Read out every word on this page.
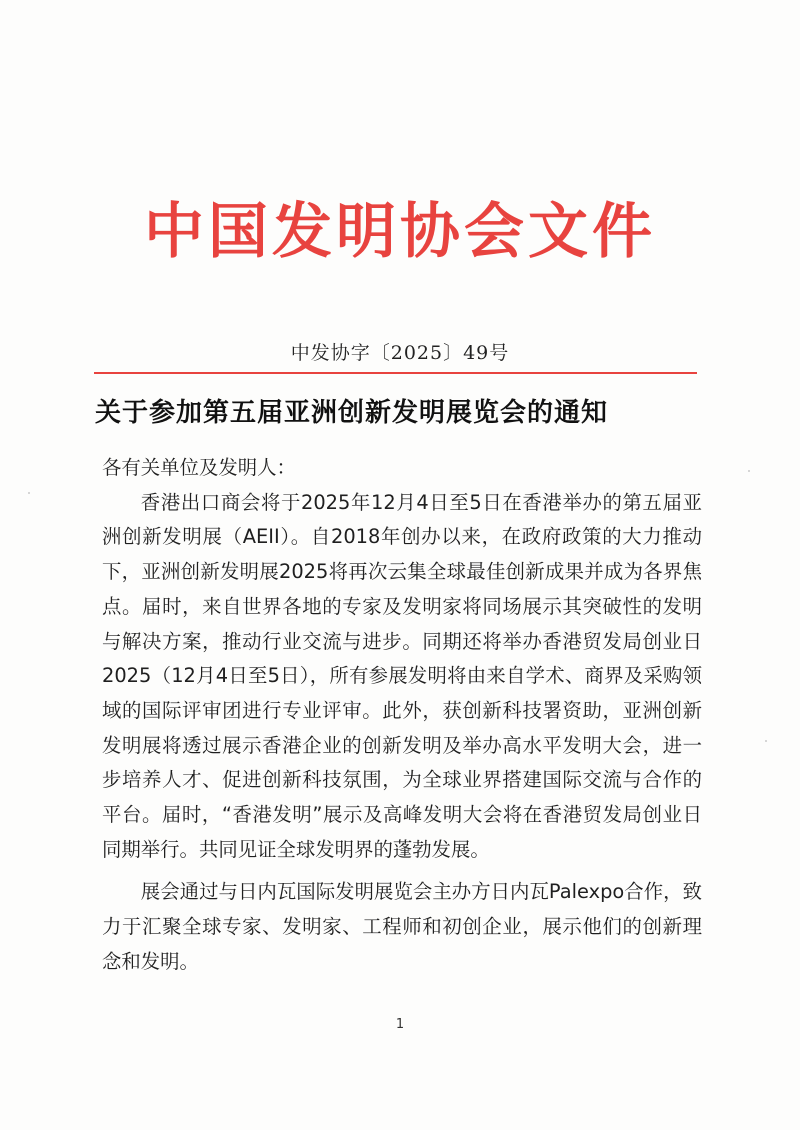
中国发明协会文件
中发协字〔2025〕49号
关于参加第五届亚洲创新发明展览会的通知

各有关单位及发明人：

香港出口商会将于2025年12月4日至5日在香港举办的第五届亚洲创新发明展（AEII）。自2018年创办以来，在政府政策的大力推动下，亚洲创新发明展2025将再次云集全球最佳创新成果并成为各界焦点。届时，来自世界各地的专家及发明家将同场展示其突破性的发明与解决方案，推动行业交流与进步。同期还将举办香港贸发局创业日2025（12月4日至5日），所有参展发明将由来自学术、商界及采购领域的国际评审团进行专业评审。此外，获创新科技署资助，亚洲创新发明展将透过展示香港企业的创新发明及举办高水平发明大会，进一步培养人才、促进创新科技氛围，为全球业界搭建国际交流与合作的平台。届时，“香港发明”展示及高峰发明大会将在香港贸发局创业日同期举行。共同见证全球发明界的蓬勃发展。

展会通过与日内瓦国际发明展览会主办方日内瓦Palexpo合作，致力于汇聚全球专家、发明家、工程师和初创企业，展示他们的创新理念和发明。

1
